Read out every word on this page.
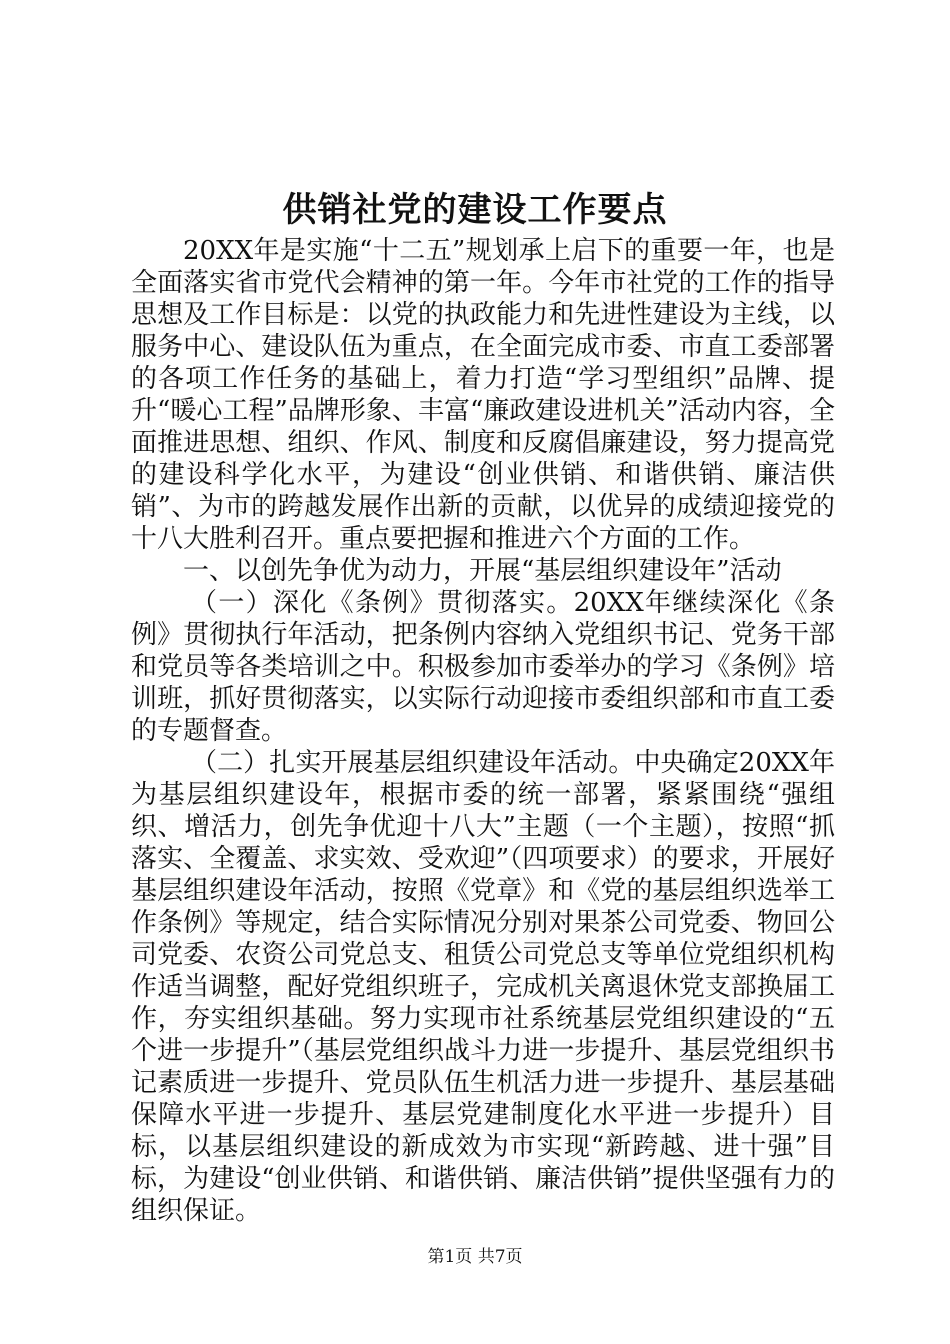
供销社党的建设工作要点

20XX年是实施“十二五”规划承上启下的重要一年，也是全面落实省市党代会精神的第一年。今年市社党的工作的指导思想及工作目标是：以党的执政能力和先进性建设为主线，以服务中心、建设队伍为重点，在全面完成市委、市直工委部署的各项工作任务的基础上，着力打造“学习型组织”品牌、提升“暖心工程”品牌形象、丰富“廉政建设进机关”活动内容，全面推进思想、组织、作风、制度和反腐倡廉建设，努力提高党的建设科学化水平，为建设“创业供销、和谐供销、廉洁供销”、为市的跨越发展作出新的贡献，以优异的成绩迎接党的十八大胜利召开。重点要把握和推进六个方面的工作。

一、以创先争优为动力，开展“基层组织建设年”活动

（一）深化《条例》贯彻落实。20XX年继续深化《条例》贯彻执行年活动，把条例内容纳入党组织书记、党务干部和党员等各类培训之中。积极参加市委举办的学习《条例》培训班，抓好贯彻落实，以实际行动迎接市委组织部和市直工委的专题督查。

（二）扎实开展基层组织建设年活动。中央确定20XX年为基层组织建设年，根据市委的统一部署，紧紧围绕“强组织、增活力，创先争优迎十八大”主题（一个主题），按照“抓落实、全覆盖、求实效、受欢迎”（四项要求）的要求，开展好基层组织建设年活动，按照《党章》和《党的基层组织选举工作条例》等规定，结合实际情况分别对果茶公司党委、物回公司党委、农资公司党总支、租赁公司党总支等单位党组织机构作适当调整，配好党组织班子，完成机关离退休党支部换届工作，夯实组织基础。努力实现市社系统基层党组织建设的“五个进一步提升”（基层党组织战斗力进一步提升、基层党组织书记素质进一步提升、党员队伍生机活力进一步提升、基层基础保障水平进一步提升、基层党建制度化水平进一步提升）目标，以基层组织建设的新成效为市实现“新跨越、进十强”目标，为建设“创业供销、和谐供销、廉洁供销”提供坚强有力的组织保证。

第1页 共7页
